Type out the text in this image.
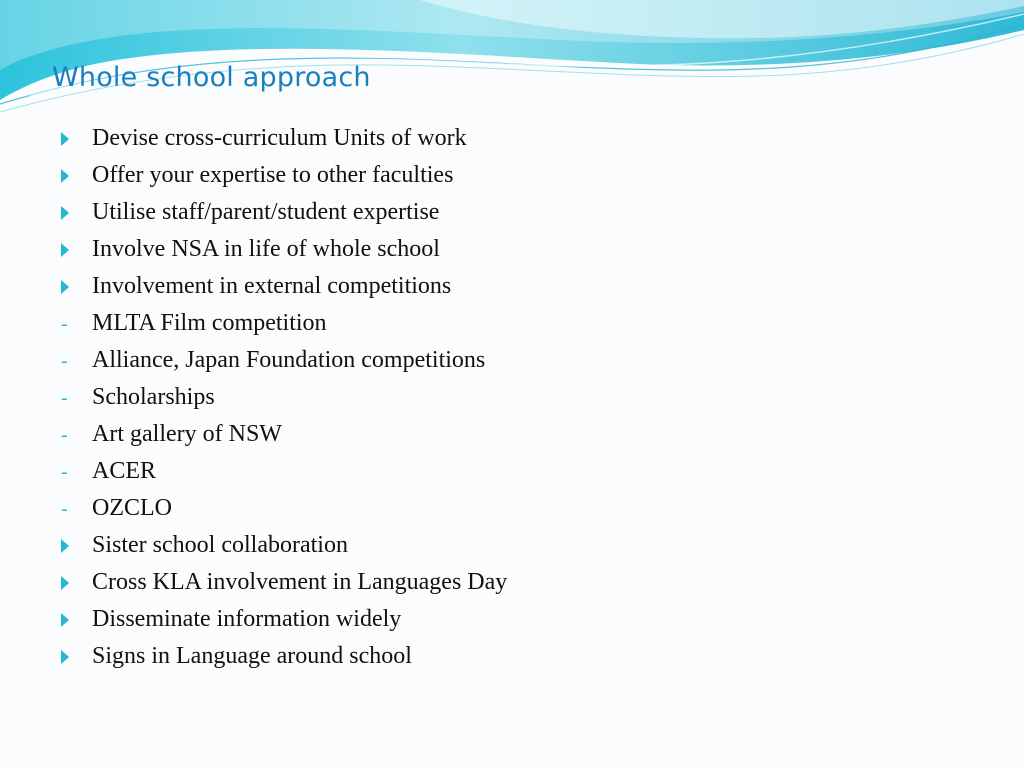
Whole school approach
Devise cross-curriculum Units of work
Offer your expertise to other faculties
Utilise staff/parent/student expertise
Involve NSA in life of whole school
Involvement in external competitions
- MLTA Film competition
- Alliance, Japan Foundation competitions
- Scholarships
- Art gallery of NSW
- ACER
- OZCLO
Sister school collaboration
Cross KLA involvement in Languages Day
Disseminate information widely
Signs in Language around school
